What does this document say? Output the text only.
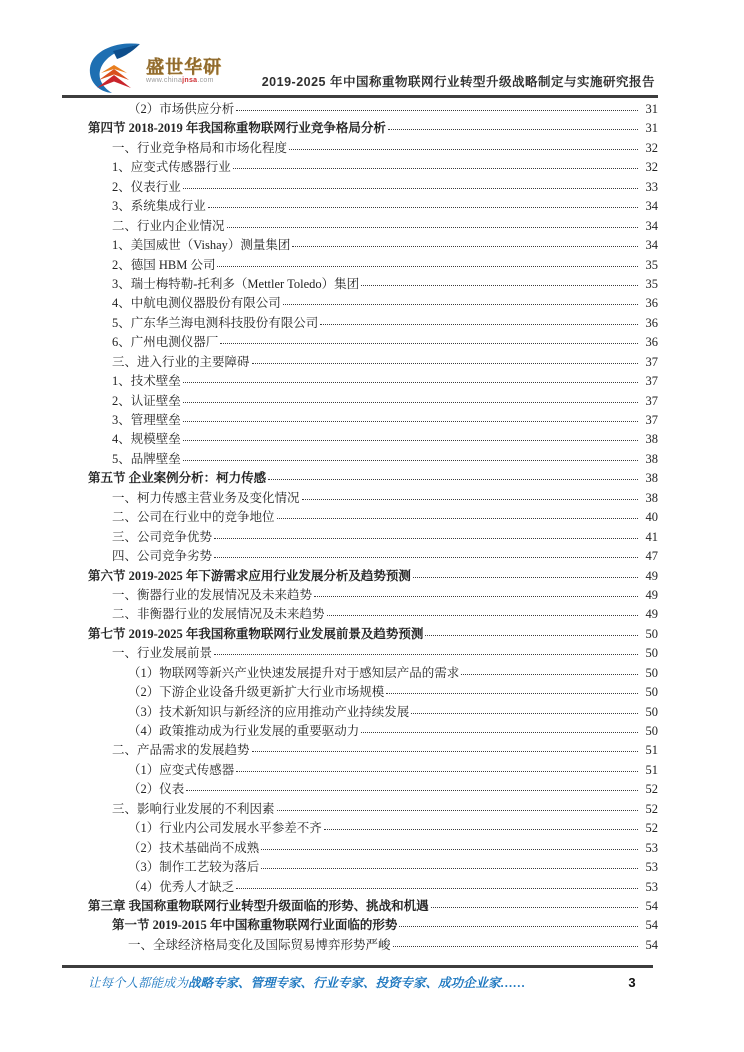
盛世华研
www.chinajnsa.com	2019-2025 年中国称重物联网行业转型升级战略制定与实施研究报告
（2）市场供应分析	31
第四节 2018-2019 年我国称重物联网行业竞争格局分析	31
一、行业竞争格局和市场化程度	32
1、应变式传感器行业	32
2、仪表行业	33
3、系统集成行业	34
二、行业内企业情况	34
1、美国威世（Vishay）测量集团	34
2、德国 HBM 公司	35
3、瑞士梅特勒-托利多（Mettler Toledo）集团	35
4、中航电测仪器股份有限公司	36
5、广东华兰海电测科技股份有限公司	36
6、广州电测仪器厂	36
三、进入行业的主要障碍	37
1、技术壁垒	37
2、认证壁垒	37
3、管理壁垒	37
4、规模壁垒	38
5、品牌壁垒	38
第五节 企业案例分析：柯力传感	38
一、柯力传感主营业务及变化情况	38
二、公司在行业中的竞争地位	40
三、公司竞争优势	41
四、公司竞争劣势	47
第六节 2019-2025 年下游需求应用行业发展分析及趋势预测	49
一、衡器行业的发展情况及未来趋势	49
二、非衡器行业的发展情况及未来趋势	49
第七节 2019-2025 年我国称重物联网行业发展前景及趋势预测	50
一、行业发展前景	50
（1）物联网等新兴产业快速发展提升对于感知层产品的需求	50
（2）下游企业设备升级更新扩大行业市场规模	50
（3）技术新知识与新经济的应用推动产业持续发展	50
（4）政策推动成为行业发展的重要驱动力	50
二、产品需求的发展趋势	51
（1）应变式传感器	51
（2）仪表	52
三、影响行业发展的不利因素	52
（1）行业内公司发展水平参差不齐	52
（2）技术基础尚不成熟	53
（3）制作工艺较为落后	53
（4）优秀人才缺乏	53
第三章 我国称重物联网行业转型升级面临的形势、挑战和机遇	54
第一节 2019-2015 年中国称重物联网行业面临的形势	54
一、全球经济格局变化及国际贸易博弈形势严峻	54
让每个人都能成为战略专家、管理专家、行业专家、投资专家、成功企业家……	3
